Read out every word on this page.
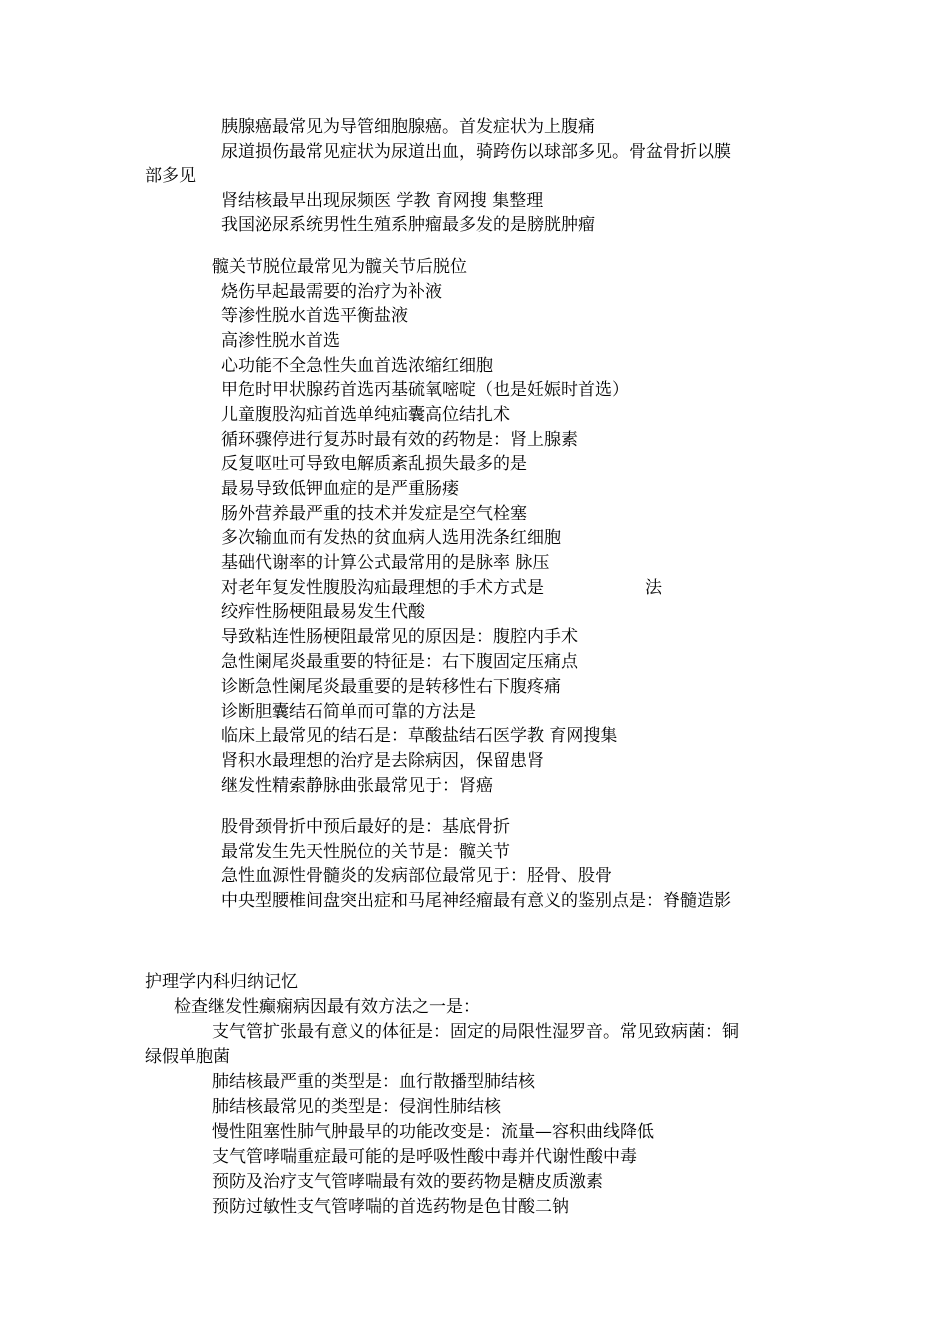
胰腺癌最常见为导管细胞腺癌。首发症状为上腹痛
尿道损伤最常见症状为尿道出血，骑跨伤以球部多见。骨盆骨折以膜
部多见
肾结核最早出现尿频医 学教 育网搜 集整理
我国泌尿系统男性生殖系肿瘤最多发的是膀胱肿瘤
髋关节脱位最常见为髋关节后脱位
烧伤早起最需要的治疗为补液
等渗性脱水首选平衡盐液
高渗性脱水首选
心功能不全急性失血首选浓缩红细胞
甲危时甲状腺药首选丙基硫氧嘧啶（也是妊娠时首选）
儿童腹股沟疝首选单纯疝囊高位结扎术
循环骤停进行复苏时最有效的药物是：肾上腺素
反复呕吐可导致电解质紊乱损失最多的是
最易导致低钾血症的是严重肠瘘
肠外营养最严重的技术并发症是空气栓塞
多次输血而有发热的贫血病人选用洗条红细胞
基础代谢率的计算公式最常用的是脉率 脉压
对老年复发性腹股沟疝最理想的手术方式是	法
绞痄性肠梗阻最易发生代酸
导致粘连性肠梗阻最常见的原因是：腹腔内手术
急性阑尾炎最重要的特征是：右下腹固定压痛点
诊断急性阑尾炎最重要的是转移性右下腹疼痛
诊断胆囊结石简单而可靠的方法是
临床上最常见的结石是：草酸盐结石医学教 育网搜集
肾积水最理想的治疗是去除病因，保留患肾
继发性精索静脉曲张最常见于：肾癌
股骨颈骨折中预后最好的是：基底骨折
最常发生先天性脱位的关节是：髋关节
急性血源性骨髓炎的发病部位最常见于：胫骨、股骨
中央型腰椎间盘突出症和马尾神经瘤最有意义的鉴别点是：脊髓造影
护理学内科归纳记忆
检查继发性癫痫病因最有效方法之一是：
支气管扩张最有意义的体征是：固定的局限性湿罗音。常见致病菌：铜
绿假单胞菌
肺结核最严重的类型是：血行散播型肺结核
肺结核最常见的类型是：侵润性肺结核
慢性阻塞性肺气肿最早的功能改变是：流量—容积曲线降低
支气管哮喘重症最可能的是呼吸性酸中毒并代谢性酸中毒
预防及治疗支气管哮喘最有效的要药物是糖皮质激素
预防过敏性支气管哮喘的首选药物是色甘酸二钠
